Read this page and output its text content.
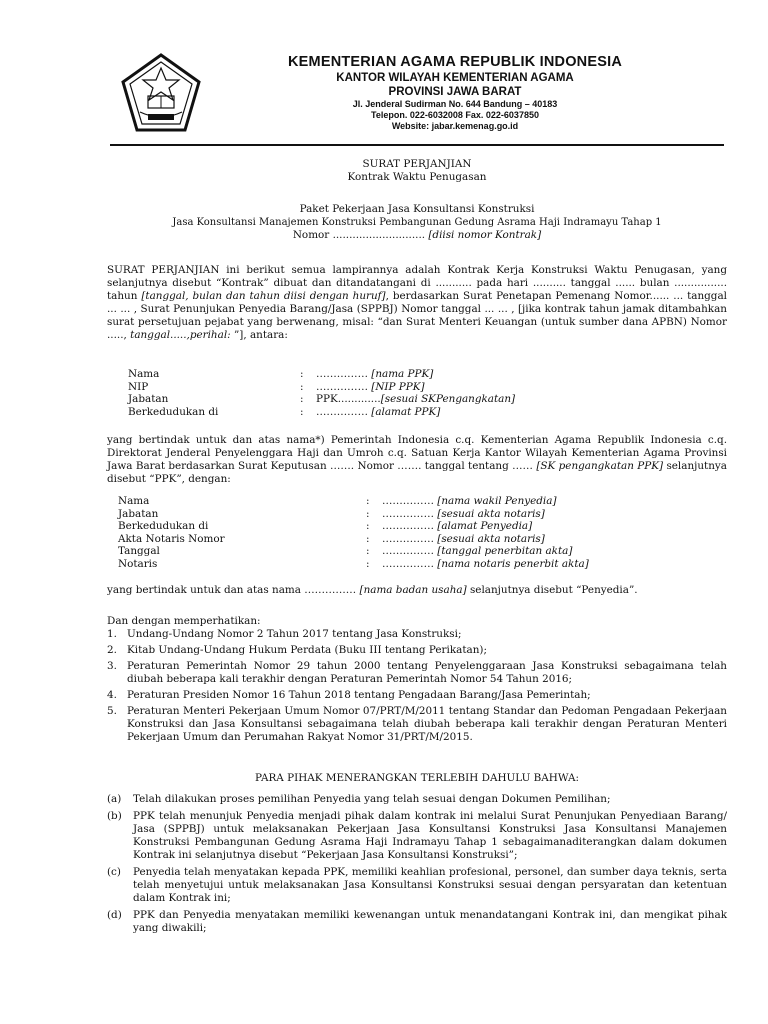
KEMENTERIAN AGAMA REPUBLIK INDONESIA
KANTOR WILAYAH KEMENTERIAN AGAMA
PROVINSI JAWA BARAT
Jl. Jenderal Sudirman No. 644 Bandung – 40183
Telepon. 022-6032008 Fax. 022-6037850
Website: jabar.kemenag.go.id
SURAT PERJANJIAN
Kontrak Waktu Penugasan
Paket Pekerjaan Jasa Konsultansi Konstruksi
Jasa Konsultansi Manajemen Konstruksi Pembangunan Gedung Asrama Haji Indramayu Tahap 1
Nomor ............................ [diisi nomor Kontrak]
SURAT PERJANJIAN ini berikut semua lampirannya adalah Kontrak Kerja Konstruksi Waktu Penugasan, yang selanjutnya disebut “Kontrak” dibuat dan ditandatangani di ........... pada hari .......... tanggal ...... bulan ................ tahun [tanggal, bulan dan tahun diisi dengan huruf], berdasarkan Surat Penetapan Pemenang Nomor...... ... tanggal ... ... , Surat Penunjukan Penyedia Barang/Jasa (SPPBJ) Nomor tanggal ... ... , [jika kontrak tahun jamak ditambahkan surat persetujuan pejabat yang berwenang, misal: “dan Surat Menteri Keuangan (untuk sumber dana APBN) Nomor ....., tanggal.....,perihal: ”], antara:
Nama	:	…………… [nama PPK]
NIP	:	…………… [NIP PPK]
Jabatan	:	PPK.............[sesuai SKPengangkatan]
Berkedudukan di	:	…………… [alamat PPK]
yang bertindak untuk dan atas nama*) Pemerintah Indonesia c.q. Kementerian Agama Republik Indonesia c.q. Direktorat Jenderal Penyelenggara Haji dan Umroh c.q. Satuan Kerja Kantor Wilayah Kementerian Agama Provinsi Jawa Barat berdasarkan Surat Keputusan ……. Nomor ……. tanggal tentang …… [SK pengangkatan PPK] selanjutnya disebut “PPK”, dengan:
Nama	:	…………… [nama wakil Penyedia]
Jabatan	:	…………… [sesuai akta notaris]
Berkedudukan di	:	…………… [alamat Penyedia]
Akta Notaris Nomor	:	…………… [sesuai akta notaris]
Tanggal	:	…………… [tanggal penerbitan akta]
Notaris	:	…………… [nama notaris penerbit akta]
yang bertindak untuk dan atas nama …………… [nama badan usaha] selanjutnya disebut “Penyedia”.
Dan dengan memperhatikan:
1. Undang-Undang Nomor 2 Tahun 2017 tentang Jasa Konstruksi;
2. Kitab Undang-Undang Hukum Perdata (Buku III tentang Perikatan);
3. Peraturan Pemerintah Nomor 29 tahun 2000 tentang Penyelenggaraan Jasa Konstruksi sebagaimana telah diubah beberapa kali terakhir dengan Peraturan Pemerintah Nomor 54 Tahun 2016;
4. Peraturan Presiden Nomor 16 Tahun 2018 tentang Pengadaan Barang/Jasa Pemerintah;
5. Peraturan Menteri Pekerjaan Umum Nomor 07/PRT/M/2011 tentang Standar dan Pedoman Pengadaan Pekerjaan Konstruksi dan Jasa Konsultansi sebagaimana telah diubah beberapa kali terakhir dengan Peraturan Menteri Pekerjaan Umum dan Perumahan Rakyat Nomor 31/PRT/M/2015.
PARA PIHAK MENERANGKAN TERLEBIH DAHULU BAHWA:
(a) Telah dilakukan proses pemilihan Penyedia yang telah sesuai dengan Dokumen Pemilihan;
(b) PPK telah menunjuk Penyedia menjadi pihak dalam kontrak ini melalui Surat Penunjukan Penyediaan Barang/ Jasa (SPPBJ) untuk melaksanakan Pekerjaan Jasa Konsultansi Konstruksi Jasa Konsultansi Manajemen Konstruksi Pembangunan Gedung Asrama Haji Indramayu Tahap 1 sebagaimanaditerangkan dalam dokumen Kontrak ini selanjutnya disebut “Pekerjaan Jasa Konsultansi Konstruksi”;
(c) Penyedia telah menyatakan kepada PPK, memiliki keahlian profesional, personel, dan sumber daya teknis, serta telah menyetujui untuk melaksanakan Jasa Konsultansi Konstruksi sesuai dengan persyaratan dan ketentuan dalam Kontrak ini;
(d) PPK dan Penyedia menyatakan memiliki kewenangan untuk menandatangani Kontrak ini, dan mengikat pihak yang diwakili;
